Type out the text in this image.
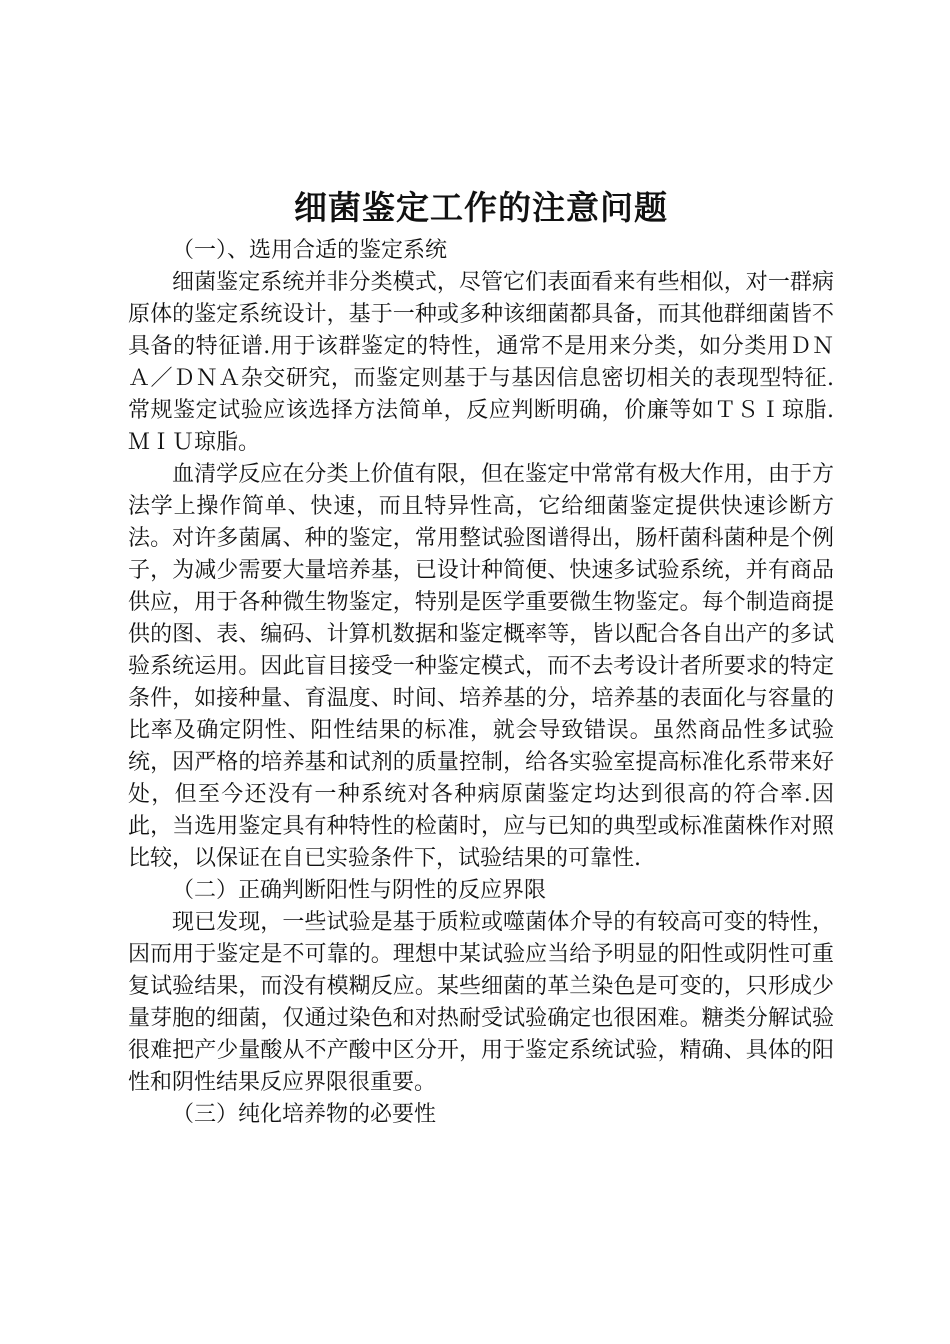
细菌鉴定工作的注意问题

（一）、选用合适的鉴定系统

细菌鉴定系统并非分类模式，尽管它们表面看来有些相似，对一群病原体的鉴定系统设计，基于一种或多种该细菌都具备，而其他群细菌皆不具备的特征谱.用于该群鉴定的特性，通常不是用来分类，如分类用ＤＮＡ／ＤＮＡ杂交研究，而鉴定则基于与基因信息密切相关的表现型特征.常规鉴定试验应该选择方法简单，反应判断明确，价廉等如ＴＳＩ琼脂.ＭＩＵ琼脂。

血清学反应在分类上价值有限，但在鉴定中常常有极大作用，由于方法学上操作简单、快速，而且特异性高，它给细菌鉴定提供快速诊断方法。对许多菌属、种的鉴定，常用整试验图谱得出，肠杆菌科菌种是个例子，为减少需要大量培养基，已设计种简便、快速多试验系统，并有商品供应，用于各种微生物鉴定，特别是医学重要微生物鉴定。每个制造商提供的图、表、编码、计算机数据和鉴定概率等，皆以配合各自出产的多试验系统运用。因此盲目接受一种鉴定模式，而不去考设计者所要求的特定条件，如接种量、育温度、时间、培养基的分，培养基的表面化与容量的比率及确定阴性、阳性结果的标准，就会导致错误。虽然商品性多试验统，因严格的培养基和试剂的质量控制，给各实验室提高标准化系带来好处，但至今还没有一种系统对各种病原菌鉴定均达到很高的符合率.因此，当选用鉴定具有种特性的检菌时，应与已知的典型或标准菌株作对照比较，以保证在自已实验条件下，试验结果的可靠性.

（二）正确判断阳性与阴性的反应界限

现已发现，一些试验是基于质粒或噬菌体介导的有较高可变的特性，因而用于鉴定是不可靠的。理想中某试验应当给予明显的阳性或阴性可重复试验结果，而没有模糊反应。某些细菌的革兰染色是可变的，只形成少量芽胞的细菌，仅通过染色和对热耐受试验确定也很困难。糖类分解试验很难把产少量酸从不产酸中区分开，用于鉴定系统试验，精确、具体的阳性和阴性结果反应界限很重要。

（三）纯化培养物的必要性
